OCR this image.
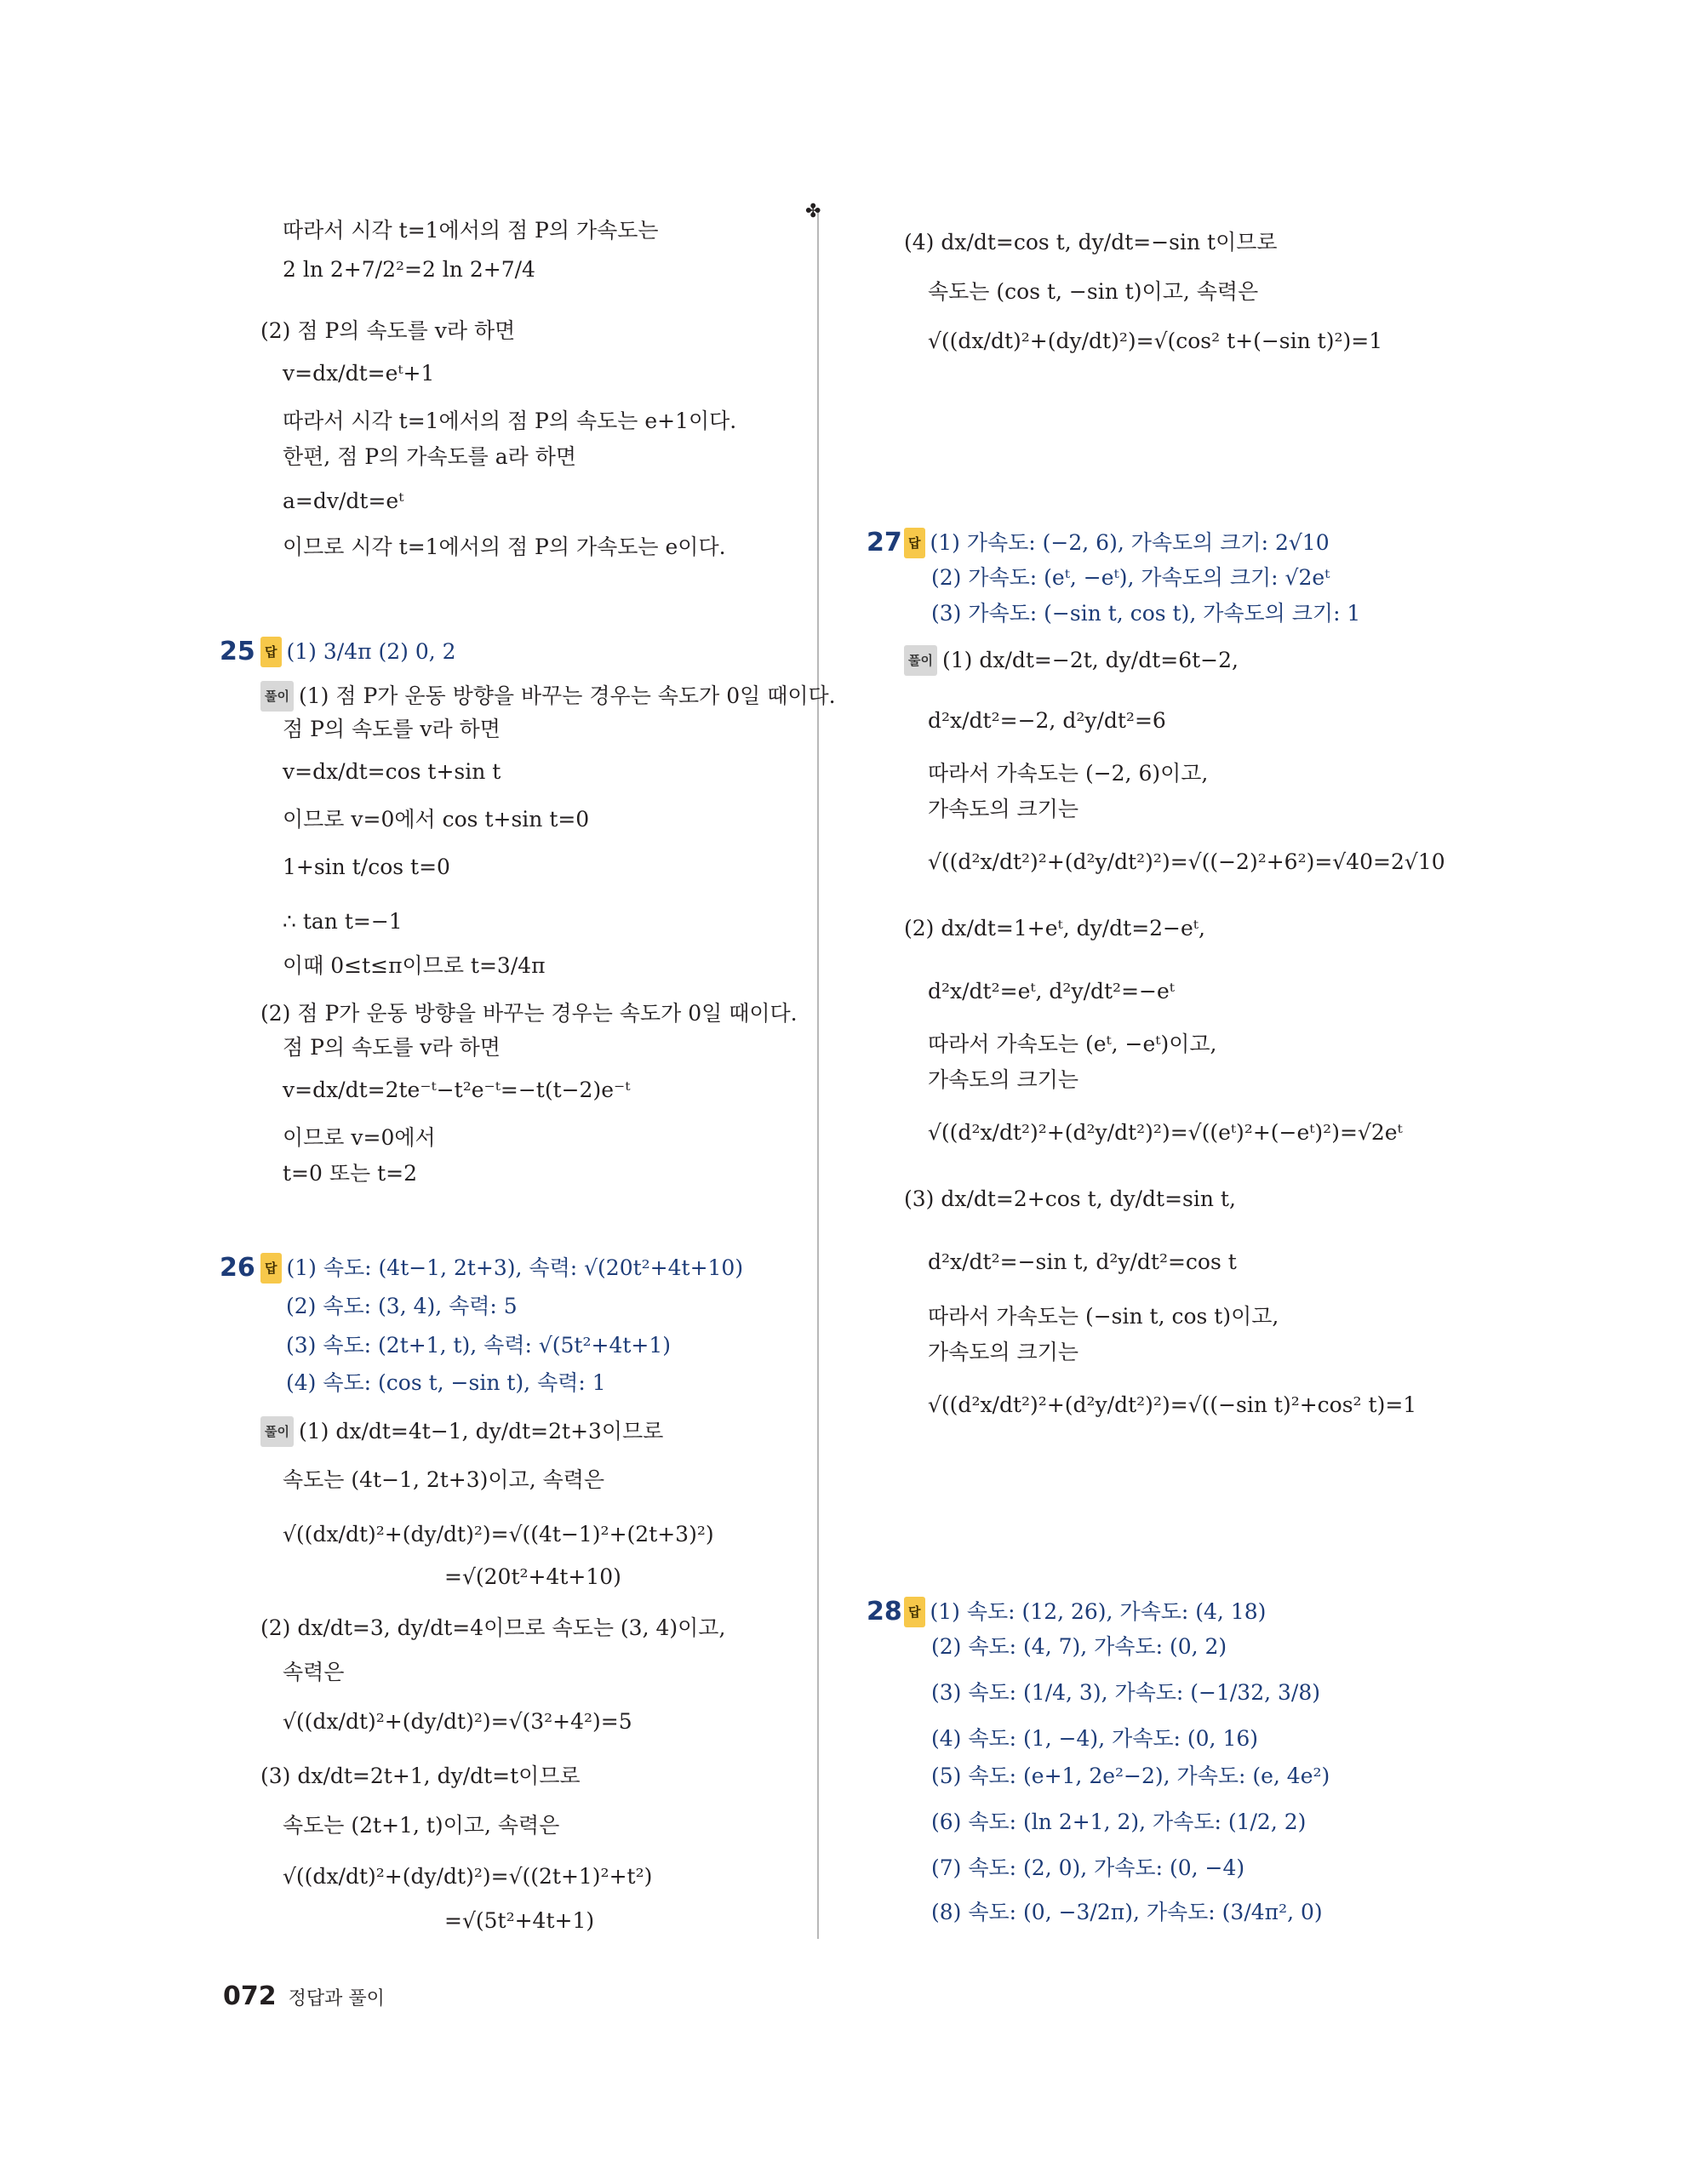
✤
따라서 시각 t=1에서의 점 P의 가속도는
2 ln 2+7/2²=2 ln 2+7/4
(2) 점 P의 속도를 v라 하면
v=dx/dt=eᵗ+1
따라서 시각 t=1에서의 점 P의 속도는 e+1이다.
한편, 점 P의 가속도를 a라 하면
a=dv/dt=eᵗ
이므로 시각 t=1에서의 점 P의 가속도는 e이다.
25 답 (1) 3/4π (2) 0, 2
풀이 (1) 점 P가 운동 방향을 바꾸는 경우는 속도가 0일 때이다.
점 P의 속도를 v라 하면
v=dx/dt=cos t+sin t
이므로 v=0에서 cos t+sin t=0
1+sin t/cos t=0
∴ tan t=−1
이때 0≤t≤π이므로 t=3/4π
(2) 점 P가 운동 방향을 바꾸는 경우는 속도가 0일 때이다.
점 P의 속도를 v라 하면
v=dx/dt=2te⁻ᵗ−t²e⁻ᵗ=−t(t−2)e⁻ᵗ
이므로 v=0에서
t=0 또는 t=2
26 답 (1) 속도: (4t−1, 2t+3), 속력: √(20t²+4t+10)
(2) 속도: (3, 4), 속력: 5
(3) 속도: (2t+1, t), 속력: √(5t²+4t+1)
(4) 속도: (cos t, −sin t), 속력: 1
풀이 (1) dx/dt=4t−1, dy/dt=2t+3이므로
속도는 (4t−1, 2t+3)이고, 속력은
√((dx/dt)²+(dy/dt)²)=√((4t−1)²+(2t+3)²)
=√(20t²+4t+10)
(2) dx/dt=3, dy/dt=4이므로 속도는 (3, 4)이고,
속력은
√((dx/dt)²+(dy/dt)²)=√(3²+4²)=5
(3) dx/dt=2t+1, dy/dt=t이므로
속도는 (2t+1, t)이고, 속력은
√((dx/dt)²+(dy/dt)²)=√((2t+1)²+t²)
=√(5t²+4t+1)
(4) dx/dt=cos t, dy/dt=−sin t이므로
속도는 (cos t, −sin t)이고, 속력은
√((dx/dt)²+(dy/dt)²)=√(cos² t+(−sin t)²)=1
27 답 (1) 가속도: (−2, 6), 가속도의 크기: 2√10
(2) 가속도: (eᵗ, −eᵗ), 가속도의 크기: √2eᵗ
(3) 가속도: (−sin t, cos t), 가속도의 크기: 1
풀이 (1) dx/dt=−2t, dy/dt=6t−2,
d²x/dt²=−2, d²y/dt²=6
따라서 가속도는 (−2, 6)이고,
가속도의 크기는
√((d²x/dt²)²+(d²y/dt²)²)=√((−2)²+6²)=√40=2√10
(2) dx/dt=1+eᵗ, dy/dt=2−eᵗ,
d²x/dt²=eᵗ, d²y/dt²=−eᵗ
따라서 가속도는 (eᵗ, −eᵗ)이고,
가속도의 크기는
√((d²x/dt²)²+(d²y/dt²)²)=√((eᵗ)²+(−eᵗ)²)=√2eᵗ
(3) dx/dt=2+cos t, dy/dt=sin t,
d²x/dt²=−sin t, d²y/dt²=cos t
따라서 가속도는 (−sin t, cos t)이고,
가속도의 크기는
√((d²x/dt²)²+(d²y/dt²)²)=√((−sin t)²+cos² t)=1
28 답 (1) 속도: (12, 26), 가속도: (4, 18)
(2) 속도: (4, 7), 가속도: (0, 2)
(3) 속도: (1/4, 3), 가속도: (−1/32, 3/8)
(4) 속도: (1, −4), 가속도: (0, 16)
(5) 속도: (e+1, 2e²−2), 가속도: (e, 4e²)
(6) 속도: (ln 2+1, 2), 가속도: (1/2, 2)
(7) 속도: (2, 0), 가속도: (0, −4)
(8) 속도: (0, −3/2π), 가속도: (3/4π², 0)
072 정답과 풀이
